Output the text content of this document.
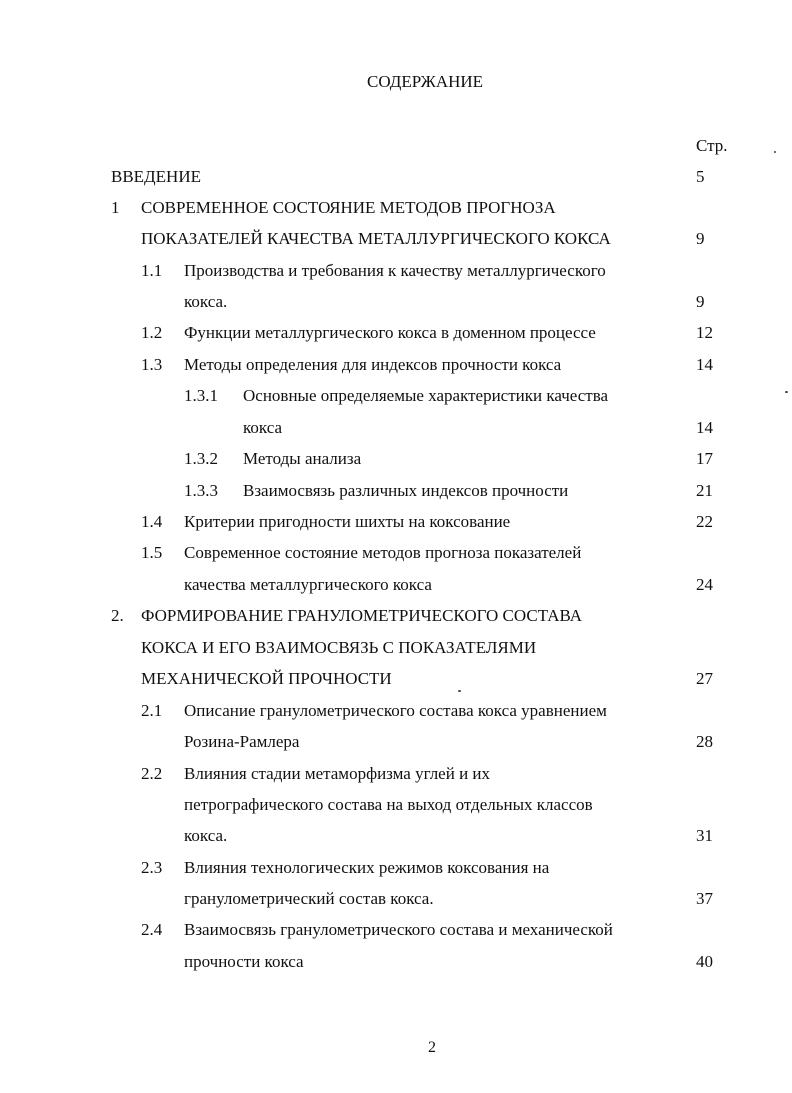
СОДЕРЖАНИЕ
Стр.
ВВЕДЕНИЕ	5
1 СОВРЕМЕННОЕ СОСТОЯНИЕ МЕТОДОВ ПРОГНОЗА
ПОКАЗАТЕЛЕЙ КАЧЕСТВА МЕТАЛЛУРГИЧЕСКОГО КОКСА	9
1.1 Производства и требования к качеству металлургического
кокса.	9
1.2 Функции металлургического кокса в доменном процессе	12
1.3 Методы определения для индексов прочности кокса	14
1.3.1 Основные определяемые характеристики качества
кокса	14
1.3.2 Методы анализа	17
1.3.3 Взаимосвязь различных индексов прочности	21
1.4 Критерии пригодности шихты на коксование	22
1.5 Современное состояние методов прогноза показателей
качества металлургического кокса	24
2. ФОРМИРОВАНИЕ ГРАНУЛОМЕТРИЧЕСКОГО СОСТАВА
КОКСА И ЕГО ВЗАИМОСВЯЗЬ С ПОКАЗАТЕЛЯМИ
МЕХАНИЧЕСКОЙ ПРОЧНОСТИ	27
2.1 Описание гранулометрического состава кокса уравнением
Розина-Рамлера	28
2.2 Влияния стадии метаморфизма углей и их
петрографического состава на выход отдельных классов
кокса.	31
2.3 Влияния технологических режимов коксования на
гранулометрический состав кокса.	37
2.4 Взаимосвязь гранулометрического состава и механической
прочности кокса	40
2
